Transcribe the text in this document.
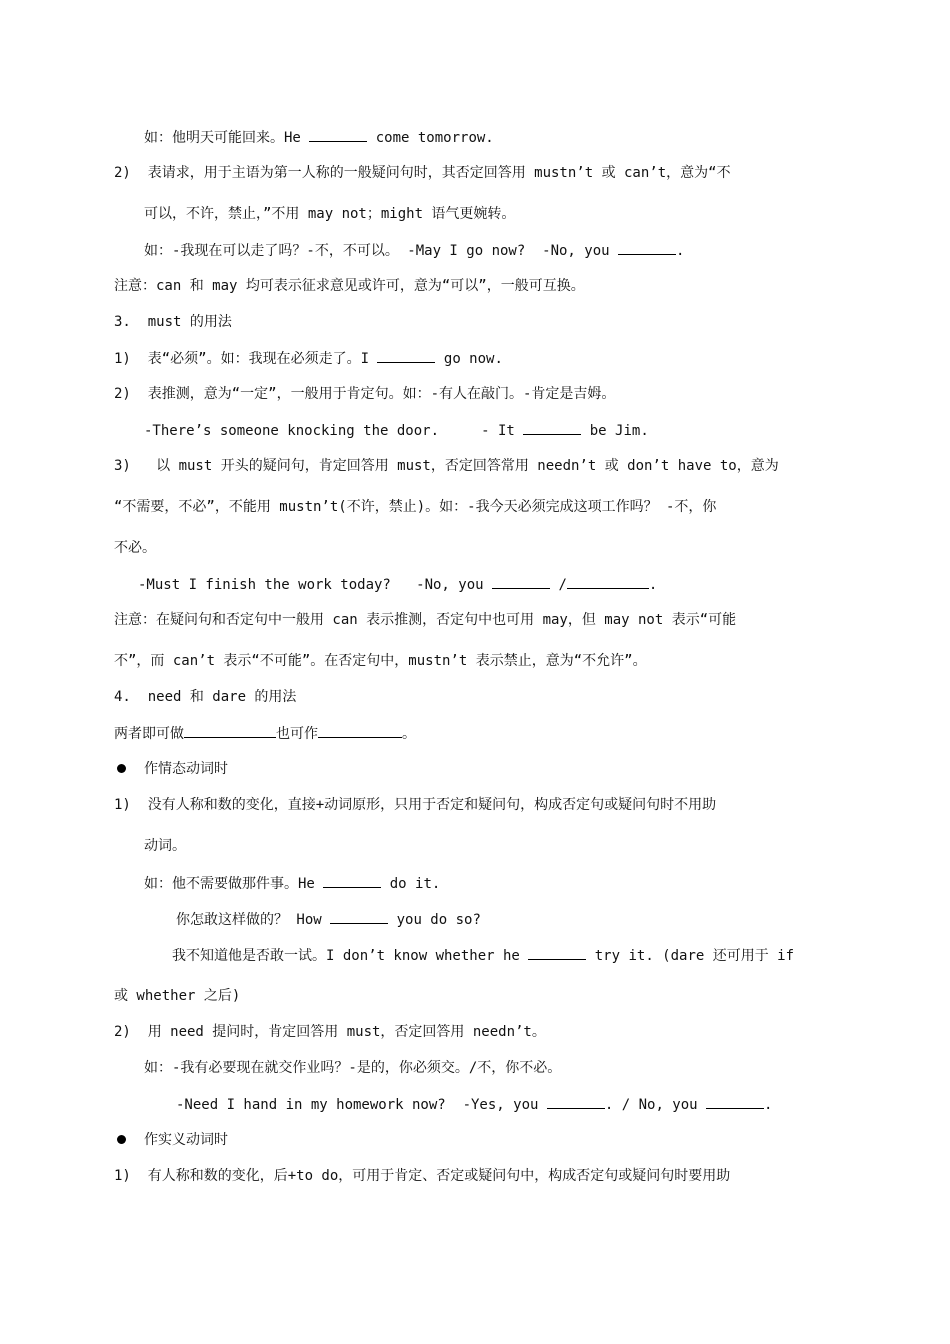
如：他明天可能回来。He	come tomorrow.
2)  表请求，用于主语为第一人称的一般疑问句时，其否定回答用 mustn’t 或 can’t，意为“不
可以，不许，禁止，”不用 may not；might 语气更婉转。
如：-我现在可以走了吗？-不，不可以。 -May I go now?  -No, you	.
注意：can 和 may 均可表示征求意见或许可，意为“可以”，一般可互换。
3.  must 的用法
1)  表“必须”。如：我现在必须走了。I	go now.
2)  表推测，意为“一定”，一般用于肯定句。如：-有人在敲门。-肯定是吉姆。
-There’s someone knocking the door.     - It	be Jim.
3)   以 must 开头的疑问句，肯定回答用 must，否定回答常用 needn’t 或 don’t have to，意为
“不需要，不必”，不能用 mustn’t(不许，禁止)。如：-我今天必须完成这项工作吗？ -不，你
不必。
-Must I finish the work today?   -No, you	/	.
注意：在疑问句和否定句中一般用 can 表示推测，否定句中也可用 may，但 may not 表示“可能
不”，而 can’t 表示“不可能”。在否定句中，mustn’t 表示禁止，意为“不允许”。
4.  need 和 dare 的用法
两者即可做	也可作	。
作情态动词时
1)  没有人称和数的变化，直接+动词原形，只用于否定和疑问句，构成否定句或疑问句时不用助
动词。
如：他不需要做那件事。He	do it.
你怎敢这样做的？ How	you do so?
我不知道他是否敢一试。I don’t know whether he	try it. (dare 还可用于 if
或 whether 之后)
2)  用 need 提问时，肯定回答用 must，否定回答用 needn’t。
如：-我有必要现在就交作业吗？-是的，你必须交。/不，你不必。
-Need I hand in my homework now?  -Yes, you	. / No, you	.
作实义动词时
1)  有人称和数的变化，后+to do，可用于肯定、否定或疑问句中，构成否定句或疑问句时要用助
